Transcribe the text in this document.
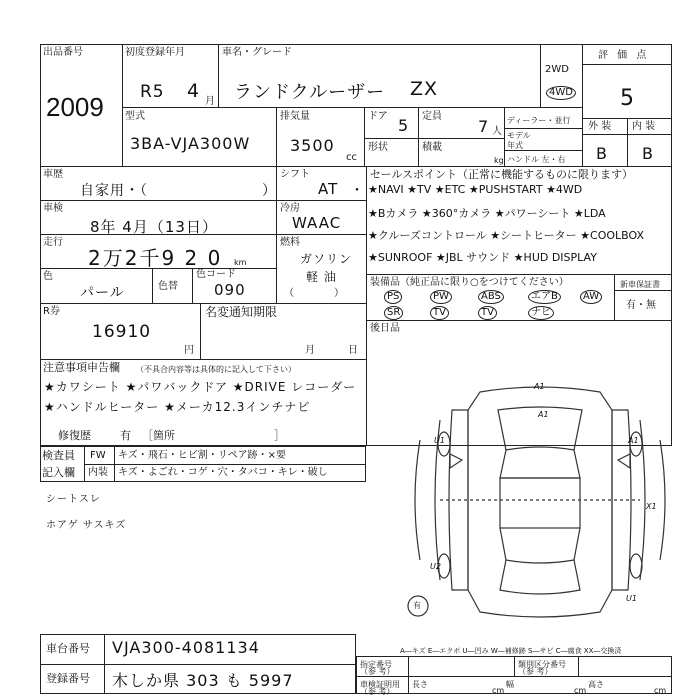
出品番号
2009
初度登録年月
R5 4 月
車名・グレード
ランドクルーザー ZX
2WD
4WD
評 価 点
5
外 装 内 装
B B
型式
3BA-VJA300W
排気量
3500
cc
ドア 5
形状
定員
7 人
積載
kg
ディーラー・並行
モデル
年式
ハンドル 左・右
車歴
自家用・（	）
シフト
AT ・
車検
8年 4月（13日）
冷房
WAAC
走行
2万2千9 2 0 km
燃料
ガソリン
軽 油
（　　　　）
色
パール	色替
色コード
090
R券
16910
円
名変通知期限
月	日
注意事項申告欄 （不具合内容等は具体的に記入して下さい）
★カワシート ★パワバックドア ★DRIVE レコーダー
★ハンドルヒーター ★メーカ12.3インチナビ
修復歴	有 ［箇所　　　　　　　　　］
セールスポイント（正常に機能するものに限ります）
★NAVI ★TV ★ETC ★PUSHSTART ★4WD
★Bカメラ ★360°カメラ ★パワーシート ★LDA
★クルーズコントロール ★シートヒーター ★COOLBOX
★SUNROOF ★JBL サウンド ★HUD DISPLAY
装備品（純正品に限り○をつけてください）
PS	PW	ABS	エアB	AW
SR	TV	TV	ナビ
新車保証書
有・無
後日品
検査員
記入欄
FW キズ・飛石・ヒビ割・リペア跡・×要
内装 キズ・よごれ・コゲ・穴・タバコ・キレ・破し
シートスレ
ホアゲ サスキズ
A1
A1
A1
U1
X1
U2
U1
有
A―キズ E―エクボ U―凹み W―補修跡 S―サビ C―腐食 XX―交換済
車台番号 VJA300-4081134
登録番号 木しか県 303 も 5997
指定番号
（参 考）
類別区分番号
（参 考）
車検証明用
（参 考）
長さ
cm
幅
cm
高さ
cm
